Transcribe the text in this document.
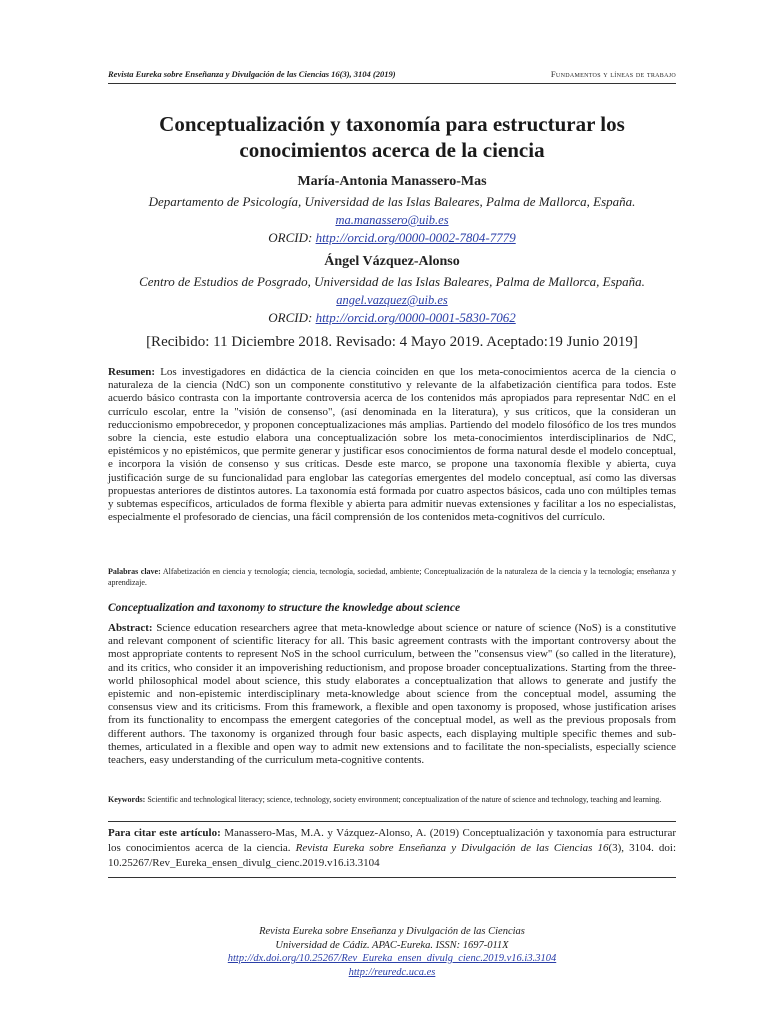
Revista Eureka sobre Enseñanza y Divulgación de las Ciencias 16(3), 3104 (2019)	Fundamentos y líneas de trabajo
Conceptualización y taxonomía para estructurar los conocimientos acerca de la ciencia
María-Antonia Manassero-Mas
Departamento de Psicología, Universidad de las Islas Baleares, Palma de Mallorca, España.
ma.manassero@uib.es
ORCID: http://orcid.org/0000-0002-7804-7779
Ángel Vázquez-Alonso
Centro de Estudios de Posgrado, Universidad de las Islas Baleares, Palma de Mallorca, España.
angel.vazquez@uib.es
ORCID: http://orcid.org/0000-0001-5830-7062
[Recibido: 11 Diciembre 2018. Revisado: 4 Mayo 2019. Aceptado:19 Junio 2019]
Resumen: Los investigadores en didáctica de la ciencia coinciden en que los meta-conocimientos acerca de la ciencia o naturaleza de la ciencia (NdC) son un componente constitutivo y relevante de la alfabetización científica para todos. Este acuerdo básico contrasta con la importante controversia acerca de los contenidos más apropiados para representar NdC en el currículo escolar, entre la "visión de consenso", (así denominada en la literatura), y sus críticos, que la consideran un reduccionismo empobrecedor, y proponen conceptualizaciones más amplias. Partiendo del modelo filosófico de los tres mundos sobre la ciencia, este estudio elabora una conceptualización sobre los meta-conocimientos interdisciplinarios de NdC, epistémicos y no epistémicos, que permite generar y justificar esos conocimientos de forma natural desde el modelo conceptual, e incorpora la visión de consenso y sus críticas. Desde este marco, se propone una taxonomía flexible y abierta, cuya justificación surge de su funcionalidad para englobar las categorías emergentes del modelo conceptual, así como las diversas propuestas anteriores de distintos autores. La taxonomía está formada por cuatro aspectos básicos, cada uno con múltiples temas y subtemas específicos, articulados de forma flexible y abierta para admitir nuevas extensiones y facilitar a los no especialistas, especialmente el profesorado de ciencias, una fácil comprensión de los contenidos meta-cognitivos del currículo.
Palabras clave: Alfabetización en ciencia y tecnología; ciencia, tecnología, sociedad, ambiente; Conceptualización de la naturaleza de la ciencia y la tecnología; enseñanza y aprendizaje.
Conceptualization and taxonomy to structure the knowledge about science
Abstract: Science education researchers agree that meta-knowledge about science or nature of science (NoS) is a constitutive and relevant component of scientific literacy for all. This basic agreement contrasts with the important controversy about the most appropriate contents to represent NoS in the school curriculum, between the "consensus view" (so called in the literature), and its critics, who consider it an impoverishing reductionism, and propose broader conceptualizations. Starting from the three-world philosophical model about science, this study elaborates a conceptualization that allows to generate and justify the epistemic and non-epistemic interdisciplinary meta-knowledge about science from the conceptual model, assuming the consensus view and its criticisms. From this framework, a flexible and open taxonomy is proposed, whose justification arises from its functionality to encompass the emergent categories of the conceptual model, as well as the previous proposals from different authors. The taxonomy is organized through four basic aspects, each displaying multiple specific themes and sub-themes, articulated in a flexible and open way to admit new extensions and to facilitate the non-specialists, especially science teachers, easy understanding of the curriculum meta-cognitive contents.
Keywords: Scientific and technological literacy; science, technology, society environment; conceptualization of the nature of science and technology, teaching and learning.
Para citar este artículo: Manassero-Mas, M.A. y Vázquez-Alonso, A. (2019) Conceptualización y taxonomía para estructurar los conocimientos acerca de la ciencia. Revista Eureka sobre Enseñanza y Divulgación de las Ciencias 16(3), 3104. doi: 10.25267/Rev_Eureka_ensen_divulg_cienc.2019.v16.i3.3104
Revista Eureka sobre Enseñanza y Divulgación de las Ciencias
Universidad de Cádiz. APAC-Eureka. ISSN: 1697-011X
http://dx.doi.org/10.25267/Rev_Eureka_ensen_divulg_cienc.2019.v16.i3.3104
http://reuredc.uca.es
